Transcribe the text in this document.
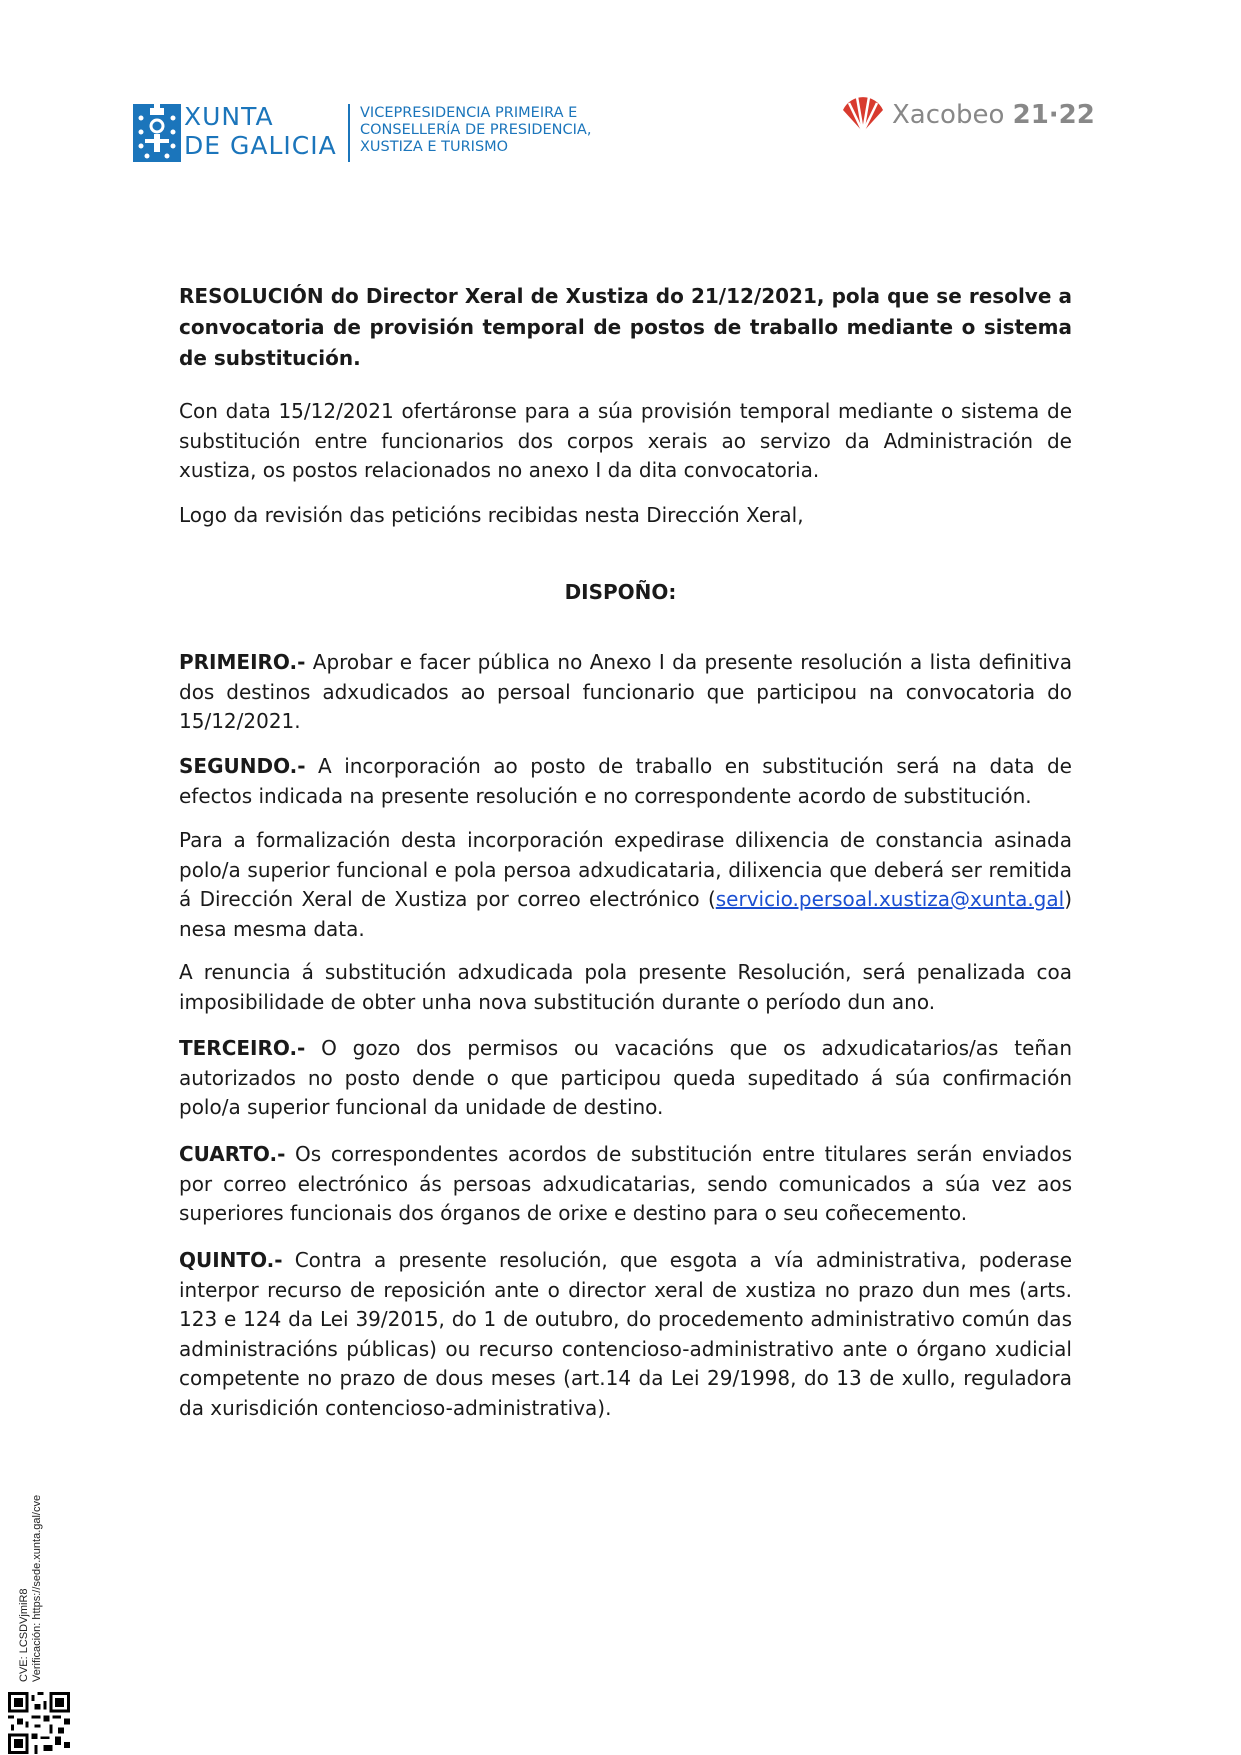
XUNTA
DE GALICIA
VICEPRESIDENCIA PRIMEIRA E
CONSELLERÍA DE PRESIDENCIA,
XUSTIZA E TURISMO
Xacobeo 21·22

RESOLUCIÓN do Director Xeral de Xustiza do 21/12/2021, pola que se resolve a convocatoria de provisión temporal de postos de traballo mediante o sistema de substitución.

Con data 15/12/2021 ofertáronse para a súa provisión temporal mediante o sistema de substitución entre funcionarios dos corpos xerais ao servizo da Administración de xustiza, os postos relacionados no anexo I da dita convocatoria.

Logo da revisión das peticións recibidas nesta Dirección Xeral,

DISPOÑO:

PRIMEIRO.- Aprobar e facer pública no Anexo I da presente resolución a lista definitiva dos destinos adxudicados ao persoal funcionario que participou na convocatoria do 15/12/2021.

SEGUNDO.- A incorporación ao posto de traballo en substitución será na data de efectos indicada na presente resolución e no correspondente acordo de substitución.

Para a formalización desta incorporación expedirase dilixencia de constancia asinada polo/a superior funcional e pola persoa adxudicataria, dilixencia que deberá ser remitida á Dirección Xeral de Xustiza por correo electrónico (servicio.persoal.xustiza@xunta.gal) nesa mesma data.

A renuncia á substitución adxudicada pola presente Resolución, será penalizada coa imposibilidade de obter unha nova substitución durante o período dun ano.

TERCEIRO.- O gozo dos permisos ou vacacións que os adxudicatarios/as teñan autorizados no posto dende o que participou queda supeditado á súa confirmación polo/a superior funcional da unidade de destino.

CUARTO.- Os correspondentes acordos de substitución entre titulares serán enviados por correo electrónico ás persoas adxudicatarias, sendo comunicados a súa vez aos superiores funcionais dos órganos de orixe e destino para o seu coñecemento.

QUINTO.- Contra a presente resolución, que esgota a vía administrativa, poderase interpor recurso de reposición ante o director xeral de xustiza no prazo dun mes (arts. 123 e 124 da Lei 39/2015, do 1 de outubro, do procedemento administrativo común das administracións públicas) ou recurso contencioso-administrativo ante o órgano xudicial competente no prazo de dous meses (art.14 da Lei 29/1998, do 13 de xullo, reguladora da xurisdición contencioso-administrativa).

CVE: LCSDVjmiR8 Verificación: https://sede.xunta.gal/cve
